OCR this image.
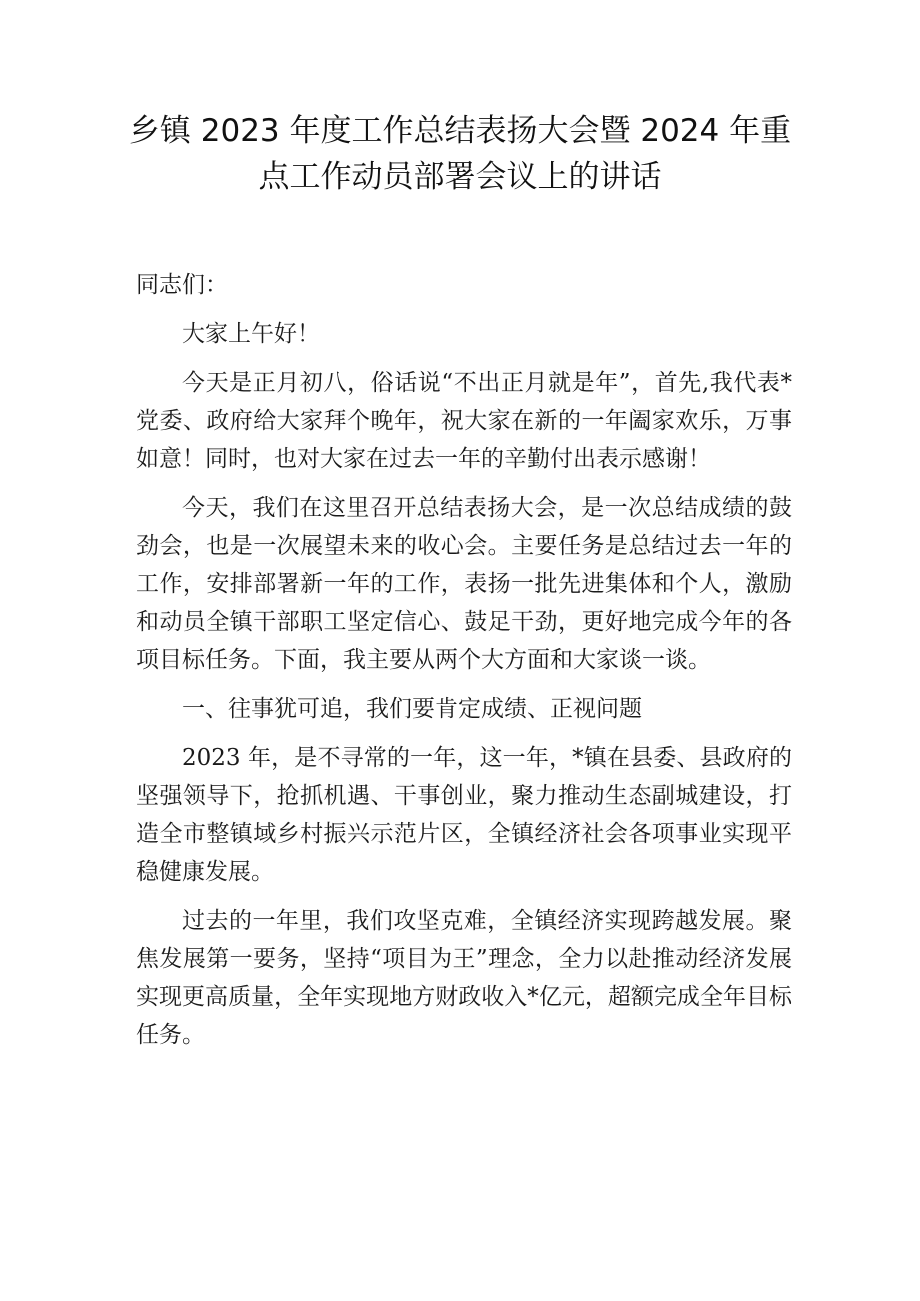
乡镇 2023 年度工作总结表扬大会暨 2024 年重
点工作动员部署会议上的讲话

同志们：

大家上午好！

今天是正月初八，俗话说“不出正月就是年”，首先,我代表*党委、政府给大家拜个晚年，祝大家在新的一年阖家欢乐，万事如意！同时，也对大家在过去一年的辛勤付出表示感谢！

今天，我们在这里召开总结表扬大会，是一次总结成绩的鼓劲会，也是一次展望未来的收心会。主要任务是总结过去一年的工作，安排部署新一年的工作，表扬一批先进集体和个人，激励和动员全镇干部职工坚定信心、鼓足干劲，更好地完成今年的各项目标任务。下面，我主要从两个大方面和大家谈一谈。

一、往事犹可追，我们要肯定成绩、正视问题

2023 年，是不寻常的一年，这一年，*镇在县委、县政府的坚强领导下，抢抓机遇、干事创业，聚力推动生态副城建设，打造全市整镇域乡村振兴示范片区，全镇经济社会各项事业实现平稳健康发展。

过去的一年里，我们攻坚克难，全镇经济实现跨越发展。聚焦发展第一要务，坚持“项目为王”理念，全力以赴推动经济发展实现更高质量，全年实现地方财政收入*亿元，超额完成全年目标任务。
